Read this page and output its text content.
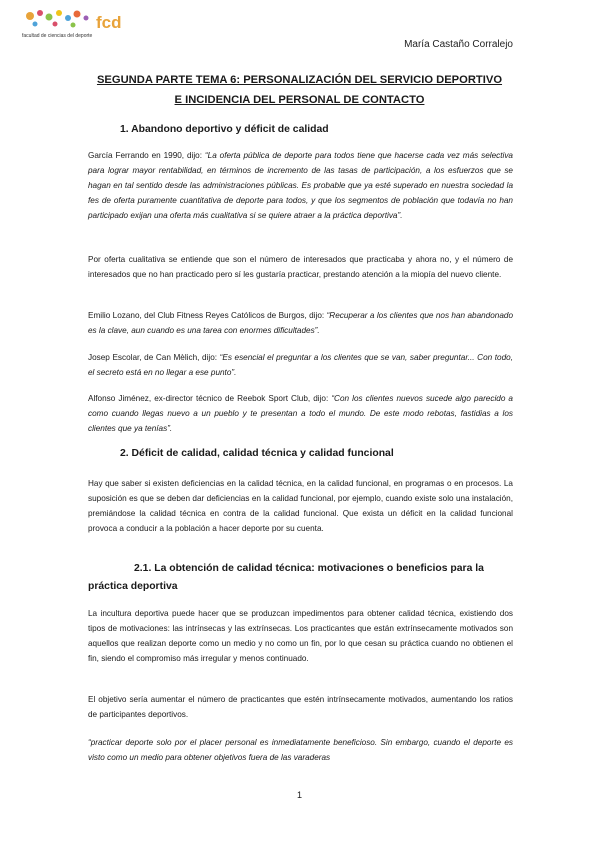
fcd
facultad de ciencias del deporte
María Castaño Corralejo
SEGUNDA PARTE TEMA 6: PERSONALIZACIÓN DEL SERVICIO DEPORTIVO
E INCIDENCIA DEL PERSONAL DE CONTACTO
1. Abandono deportivo y déficit de calidad
García Ferrando en 1990, dijo: “La oferta pública de deporte para todos tiene que hacerse cada vez más selectiva para lograr mayor rentabilidad, en términos de incremento de las tasas de participación, a los esfuerzos que se hagan en tal sentido desde las administraciones públicas. Es probable que ya esté superado en nuestra sociedad la fes de oferta puramente cuantitativa de deporte para todos, y que los segmentos de población que todavía no han participado exijan una oferta más cualitativa si se quiere atraer a la práctica deportiva”.
Por oferta cualitativa se entiende que son el número de interesados que practicaba y ahora no, y el número de interesados que no han practicado pero sí les gustaría practicar, prestando atención a la miopía del nuevo cliente.
Emilio Lozano, del Club Fitness Reyes Católicos de Burgos, dijo: “Recuperar a los clientes que nos han abandonado es la clave, aun cuando es una tarea con enormes dificultades”.
Josep Escolar, de Can Mèlich, dijo: “Es esencial el preguntar a los clientes que se van, saber preguntar... Con todo, el secreto está en no llegar a ese punto”.
Alfonso Jiménez, ex-director técnico de Reebok Sport Club, dijo: “Con los clientes nuevos sucede algo parecido a como cuando llegas nuevo a un pueblo y te presentan a todo el mundo. De este modo rebotas, fastidias a los clientes que ya tenías”.
2. Déficit de calidad, calidad técnica y calidad funcional
Hay que saber si existen deficiencias en la calidad técnica, en la calidad funcional, en programas o en procesos. La suposición es que se deben dar deficiencias en la calidad funcional, por ejemplo, cuando existe solo una instalación, premiándose la calidad técnica en contra de la calidad funcional. Que exista un déficit en la calidad funcional provoca a conducir a la población a hacer deporte por su cuenta.
2.1. La obtención de calidad técnica: motivaciones o beneficios para la
práctica deportiva
La incultura deportiva puede hacer que se produzcan impedimentos para obtener calidad técnica, existiendo dos tipos de motivaciones: las intrínsecas y las extrínsecas. Los practicantes que están extrínsecamente motivados son aquellos que realizan deporte como un medio y no como un fin, por lo que cesan su práctica cuando no obtienen el fin, siendo el compromiso más irregular y menos continuado.
El objetivo sería aumentar el número de practicantes que estén intrínsecamente motivados, aumentando los ratios de participantes deportivos.
“practicar deporte solo por el placer personal es inmediatamente beneficioso. Sin embargo, cuando el deporte es visto como un medio para obtener objetivos fuera de las varaderas
1
